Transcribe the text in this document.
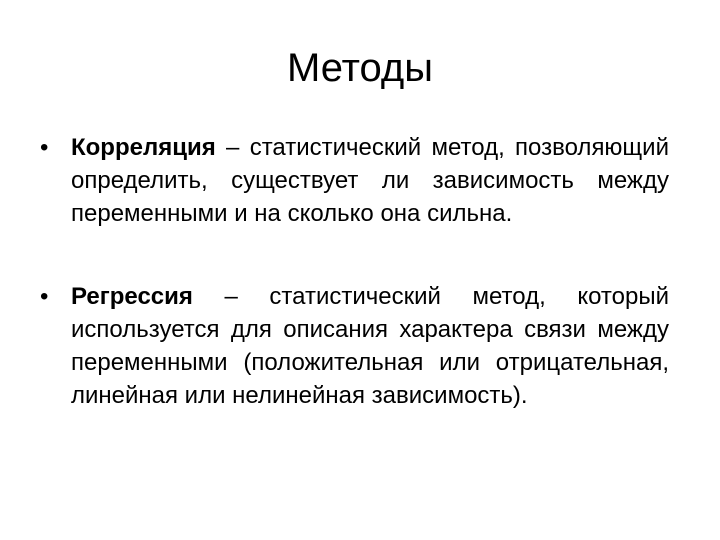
Методы
• Корреляция – статистический метод, позволяющий определить, существует ли зависимость между переменными и на сколько она сильна.
• Регрессия – статистический метод, который используется для описания характера связи между переменными (положительная или отрицательная, линейная или нелинейная зависимость).
